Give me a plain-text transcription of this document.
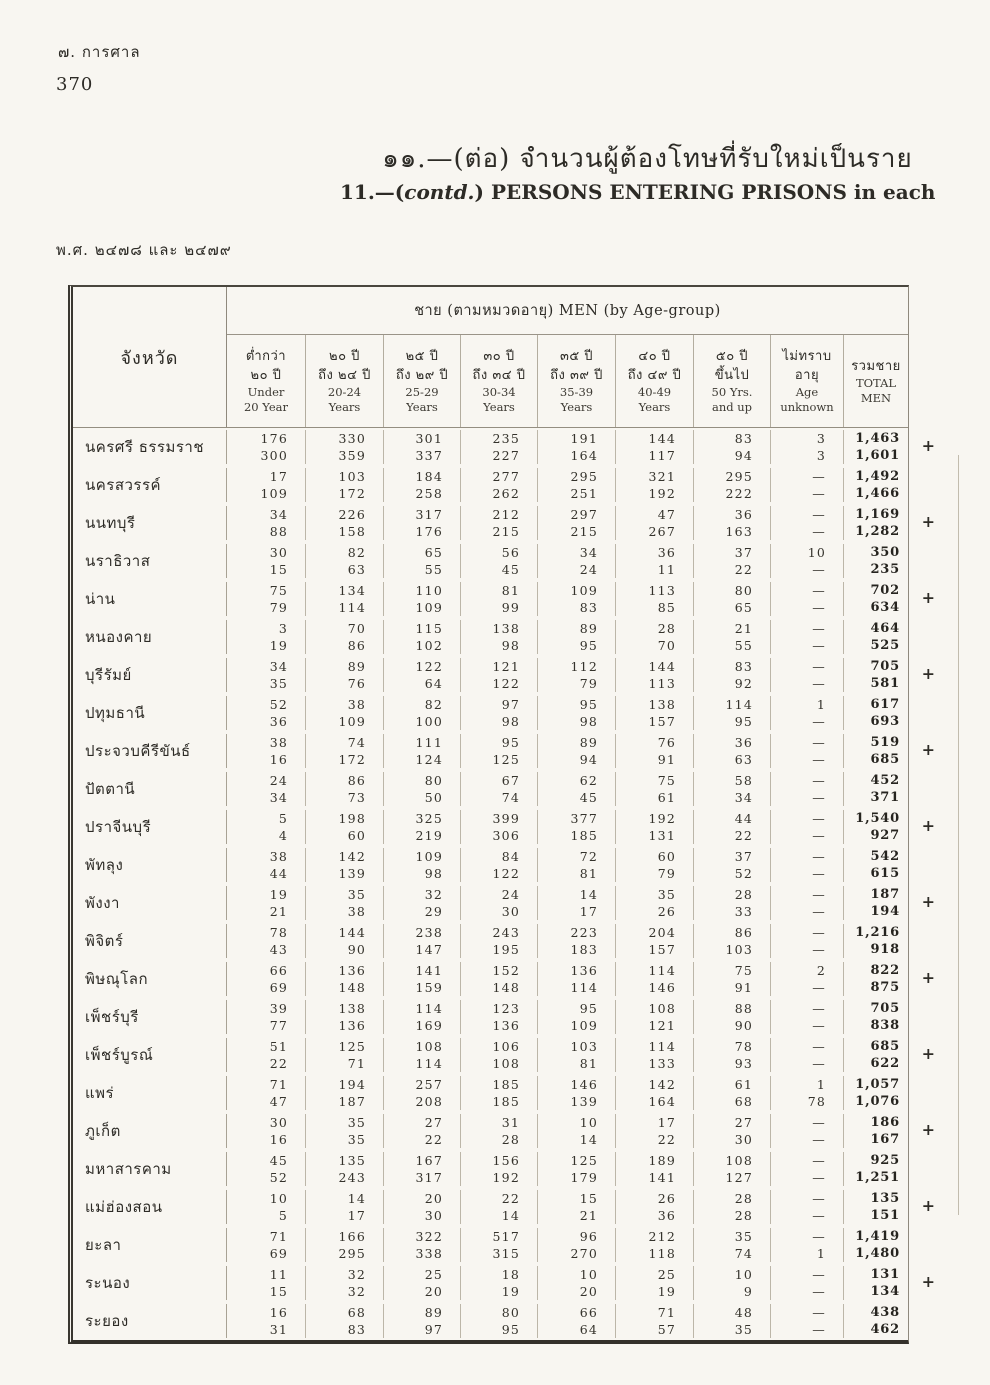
๗. การศาล
370
๑๑.—(ต่อ) จำนวนผู้ต้องโทษที่รับใหม่เป็นราย
11.—(contd.) PERSONS ENTERING PRISONS in each
พ.ศ. ๒๔๗๘ และ ๒๔๗๙
จังหวัด
ชาย (ตามหมวดอายุ) MEN (by Age-group)
ต่ำกว่า
๒๐ ปี
Under
20 Year
๒๐ ปี
ถึง ๒๔ ปี
20-24
Years
๒๕ ปี
ถึง ๒๙ ปี
25-29
Years
๓๐ ปี
ถึง ๓๔ ปี
30-34
Years
๓๕ ปี
ถึง ๓๙ ปี
35-39
Years
๔๐ ปี
ถึง ๔๙ ปี
40-49
Years
๕๐ ปี
ขึ้นไป
50 Yrs.
and up
ไม่ทราบ
อายุ
Age
unknown
รวมชาย
TOTAL
MEN
นครศรี ธรรมราช	176	330	301	235	191	144	83	3	1,463
300	359	337	227	164	117	94	3	1,601
+
นครสวรรค์	17	103	184	277	295	321	295	—	1,492
109	172	258	262	251	192	222	—	1,466
นนทบุรี	34	226	317	212	297	47	36	—	1,169
88	158	176	215	215	267	163	—	1,282
+
นราธิวาส	30	82	65	56	34	36	37	10	350
15	63	55	45	24	11	22	—	235
น่าน	75	134	110	81	109	113	80	—	702
79	114	109	99	83	85	65	—	634
+
หนองคาย	3	70	115	138	89	28	21	—	464
19	86	102	98	95	70	55	—	525
บุรีรัมย์	34	89	122	121	112	144	83	—	705
35	76	64	122	79	113	92	—	581
+
ปทุมธานี	52	38	82	97	95	138	114	1	617
36	109	100	98	98	157	95	—	693
ประจวบคีรีขันธ์	38	74	111	95	89	76	36	—	519
16	172	124	125	94	91	63	—	685
+
ปัตตานี	24	86	80	67	62	75	58	—	452
34	73	50	74	45	61	34	—	371
ปราจีนบุรี	5	198	325	399	377	192	44	—	1,540
4	60	219	306	185	131	22	—	927
+
พัทลุง	38	142	109	84	72	60	37	—	542
44	139	98	122	81	79	52	—	615
พังงา	19	35	32	24	14	35	28	—	187
21	38	29	30	17	26	33	—	194
+
พิจิตร์	78	144	238	243	223	204	86	—	1,216
43	90	147	195	183	157	103	—	918
พิษณุโลก	66	136	141	152	136	114	75	2	822
69	148	159	148	114	146	91	—	875
+
เพ็ชร์บุรี	39	138	114	123	95	108	88	—	705
77	136	169	136	109	121	90	—	838
เพ็ชร์บูรณ์	51	125	108	106	103	114	78	—	685
22	71	114	108	81	133	93	—	622
+
แพร่	71	194	257	185	146	142	61	1	1,057
47	187	208	185	139	164	68	78	1,076
ภูเก็ต	30	35	27	31	10	17	27	—	186
16	35	22	28	14	22	30	—	167
+
มหาสารคาม	45	135	167	156	125	189	108	—	925
52	243	317	192	179	141	127	—	1,251
แม่ฮ่องสอน	10	14	20	22	15	26	28	—	135
5	17	30	14	21	36	28	—	151
+
ยะลา	71	166	322	517	96	212	35	—	1,419
69	295	338	315	270	118	74	1	1,480
ระนอง	11	32	25	18	10	25	10	—	131
15	32	20	19	20	19	9	—	134
+
ระยอง	16	68	89	80	66	71	48	—	438
31	83	97	95	64	57	35	—	462
